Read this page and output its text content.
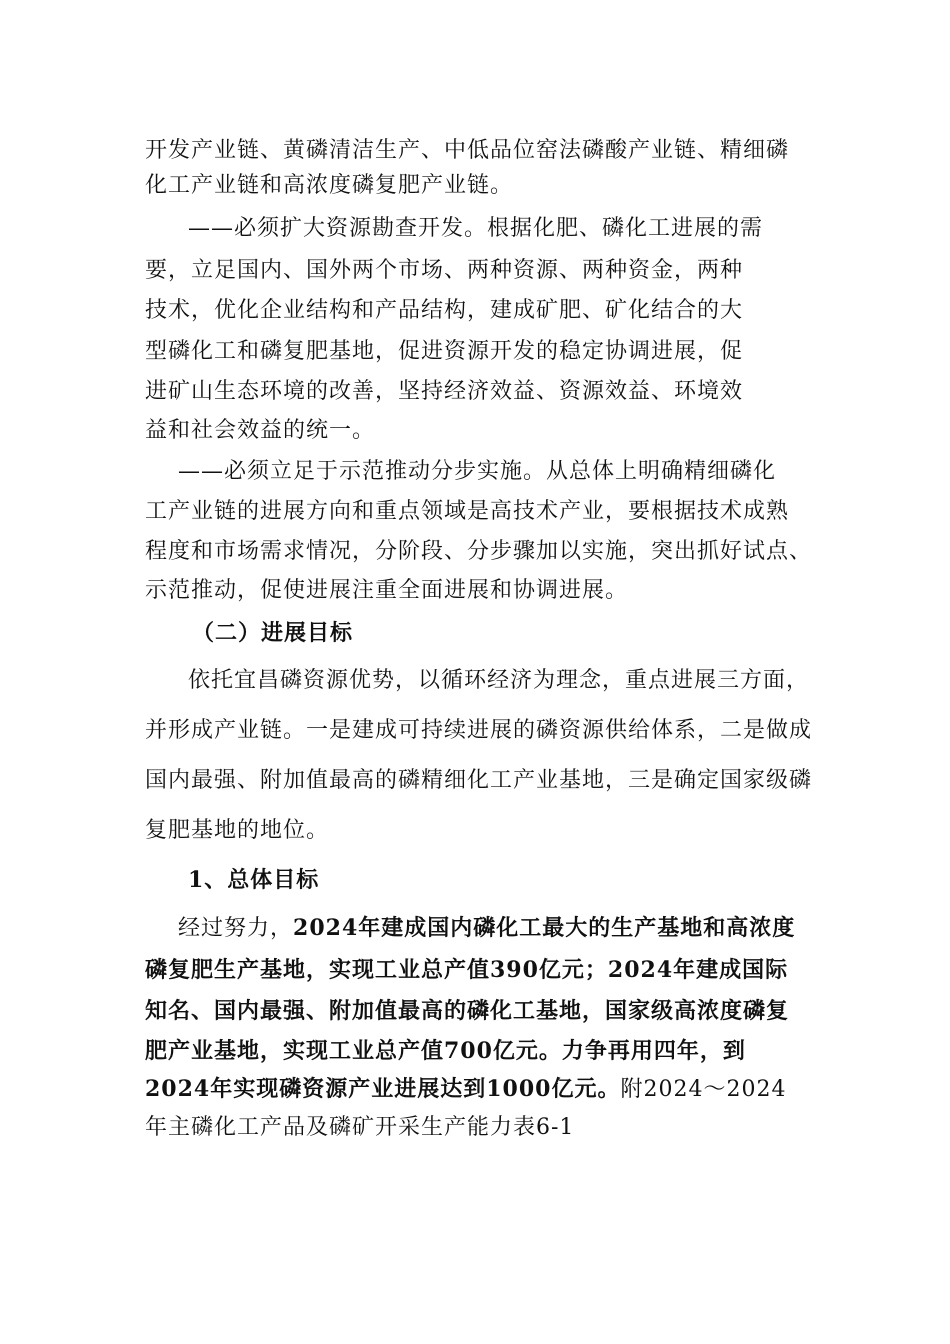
开发产业链、黄磷清洁生产、中低品位窑法磷酸产业链、精细磷
化工产业链和高浓度磷复肥产业链。
——必须扩大资源勘查开发。根据化肥、磷化工进展的需
要，立足国内、国外两个市场、两种资源、两种资金，两种
技术，优化企业结构和产品结构，建成矿肥、矿化结合的大
型磷化工和磷复肥基地，促进资源开发的稳定协调进展，促
进矿山生态环境的改善，坚持经济效益、资源效益、环境效
益和社会效益的统一。
——必须立足于示范推动分步实施。从总体上明确精细磷化
工产业链的进展方向和重点领域是高技术产业，要根据技术成熟
程度和市场需求情况，分阶段、分步骤加以实施，突出抓好试点、
示范推动，促使进展注重全面进展和协调进展。
（二）进展目标
依托宜昌磷资源优势，以循环经济为理念，重点进展三方面，
并形成产业链。一是建成可持续进展的磷资源供给体系，二是做成
国内最强、附加值最高的磷精细化工产业基地，三是确定国家级磷
复肥基地的地位。
1、总体目标
经过努力，2024年建成国内磷化工最大的生产基地和高浓度
磷复肥生产基地，实现工业总产值390亿元；2024年建成国际
知名、国内最强、附加值最高的磷化工基地，国家级高浓度磷复
肥产业基地，实现工业总产值700亿元。力争再用四年，到
2024年实现磷资源产业进展达到1000亿元。附2024～2024
年主磷化工产品及磷矿开采生产能力表6-1
